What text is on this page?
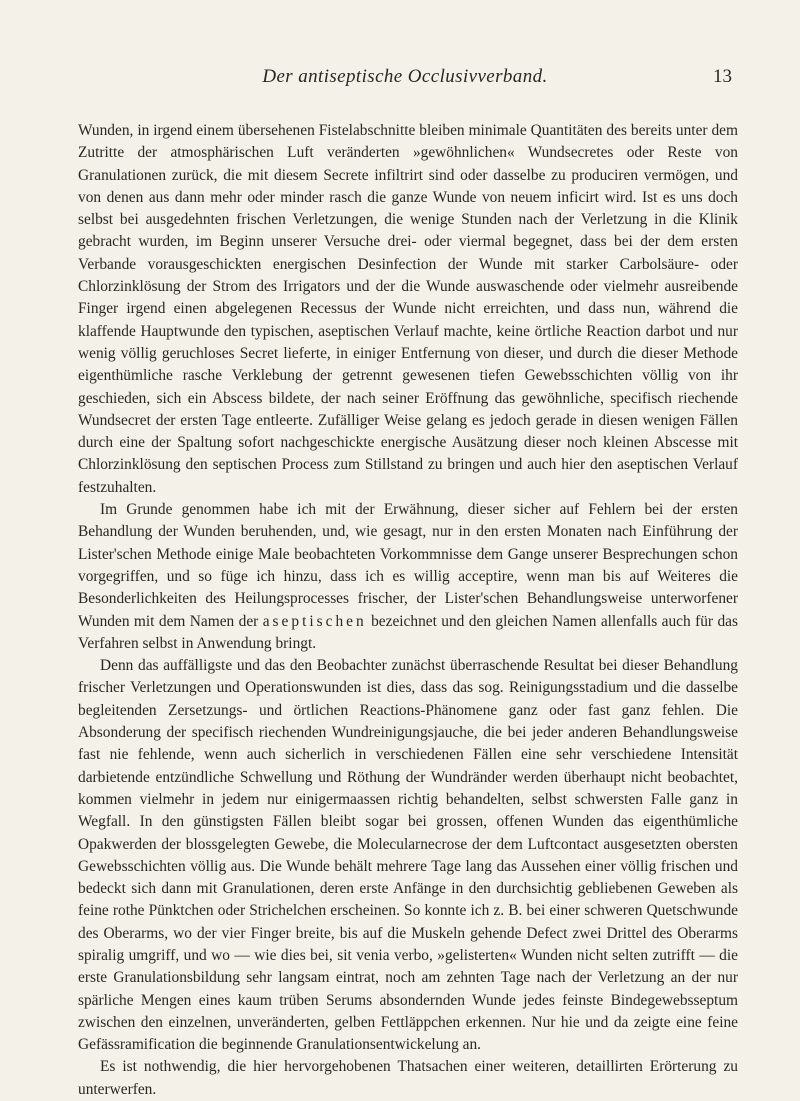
Der antiseptische Occlusivverband.	13

Wunden, in irgend einem übersehenen Fistelabschnitte bleiben minimale Quantitäten des bereits unter dem Zutritte der atmosphärischen Luft veränderten »gewöhnlichen« Wundsecretes oder Reste von Granulationen zurück, die mit diesem Secrete infiltrirt sind oder dasselbe zu produciren vermögen, und von denen aus dann mehr oder minder rasch die ganze Wunde von neuem inficirt wird. Ist es uns doch selbst bei ausgedehnten frischen Verletzungen, die wenige Stunden nach der Verletzung in die Klinik gebracht wurden, im Beginn unserer Versuche drei- oder viermal begegnet, dass bei der dem ersten Verbande vorausgeschickten energischen Desinfection der Wunde mit starker Carbolsäure- oder Chlorzinklösung der Strom des Irrigators und der die Wunde auswaschende oder vielmehr ausreibende Finger irgend einen abgelegenen Recessus der Wunde nicht erreichten, und dass nun, während die klaffende Hauptwunde den typischen, aseptischen Verlauf machte, keine örtliche Reaction darbot und nur wenig völlig geruchloses Secret lieferte, in einiger Entfernung von dieser, und durch die dieser Methode eigenthümliche rasche Verklebung der getrennt gewesenen tiefen Gewebsschichten völlig von ihr geschieden, sich ein Abscess bildete, der nach seiner Eröffnung das gewöhnliche, specifisch riechende Wundsecret der ersten Tage entleerte. Zufälliger Weise gelang es jedoch gerade in diesen wenigen Fällen durch eine der Spaltung sofort nachgeschickte energische Ausätzung dieser noch kleinen Abscesse mit Chlorzinklösung den septischen Process zum Stillstand zu bringen und auch hier den aseptischen Verlauf festzuhalten.

Im Grunde genommen habe ich mit der Erwähnung, dieser sicher auf Fehlern bei der ersten Behandlung der Wunden beruhenden, und, wie gesagt, nur in den ersten Monaten nach Einführung der Lister'schen Methode einige Male beobachteten Vorkommnisse dem Gange unserer Besprechungen schon vorgegriffen, und so füge ich hinzu, dass ich es willig acceptire, wenn man bis auf Weiteres die Besonderlichkeiten des Heilungsprocesses frischer, der Lister'schen Behandlungsweise unterworfener Wunden mit dem Namen der aseptischen bezeichnet und den gleichen Namen allenfalls auch für das Verfahren selbst in Anwendung bringt.

Denn das auffälligste und das den Beobachter zunächst überraschende Resultat bei dieser Behandlung frischer Verletzungen und Operationswunden ist dies, dass das sog. Reinigungsstadium und die dasselbe begleitenden Zersetzungs- und örtlichen Reactions-Phänomene ganz oder fast ganz fehlen. Die Absonderung der specifisch riechenden Wundreinigungsjauche, die bei jeder anderen Behandlungsweise fast nie fehlende, wenn auch sicherlich in verschiedenen Fällen eine sehr verschiedene Intensität darbietende entzündliche Schwellung und Röthung der Wundränder werden überhaupt nicht beobachtet, kommen vielmehr in jedem nur einigermaassen richtig behandelten, selbst schwersten Falle ganz in Wegfall. In den günstigsten Fällen bleibt sogar bei grossen, offenen Wunden das eigenthümliche Opakwerden der blossgelegten Gewebe, die Molecularnecrose der dem Luftcontact ausgesetzten obersten Gewebsschichten völlig aus. Die Wunde behält mehrere Tage lang das Aussehen einer völlig frischen und bedeckt sich dann mit Granulationen, deren erste Anfänge in den durchsichtig gebliebenen Geweben als feine rothe Pünktchen oder Strichelchen erscheinen. So konnte ich z. B. bei einer schweren Quetschwunde des Oberarms, wo der vier Finger breite, bis auf die Muskeln gehende Defect zwei Drittel des Oberarms spiralig umgriff, und wo — wie dies bei, sit venia verbo, »gelisterten« Wunden nicht selten zutrifft — die erste Granulationsbildung sehr langsam eintrat, noch am zehnten Tage nach der Verletzung an der nur spärliche Mengen eines kaum trüben Serums absondernden Wunde jedes feinste Bindegewebsseptum zwischen den einzelnen, unveränderten, gelben Fettläppchen erkennen. Nur hie und da zeigte eine feine Gefässramification die beginnende Granulationsentwickelung an.

Es ist nothwendig, die hier hervorgehobenen Thatsachen einer weiteren, detaillirten Erörterung zu unterwerfen.
